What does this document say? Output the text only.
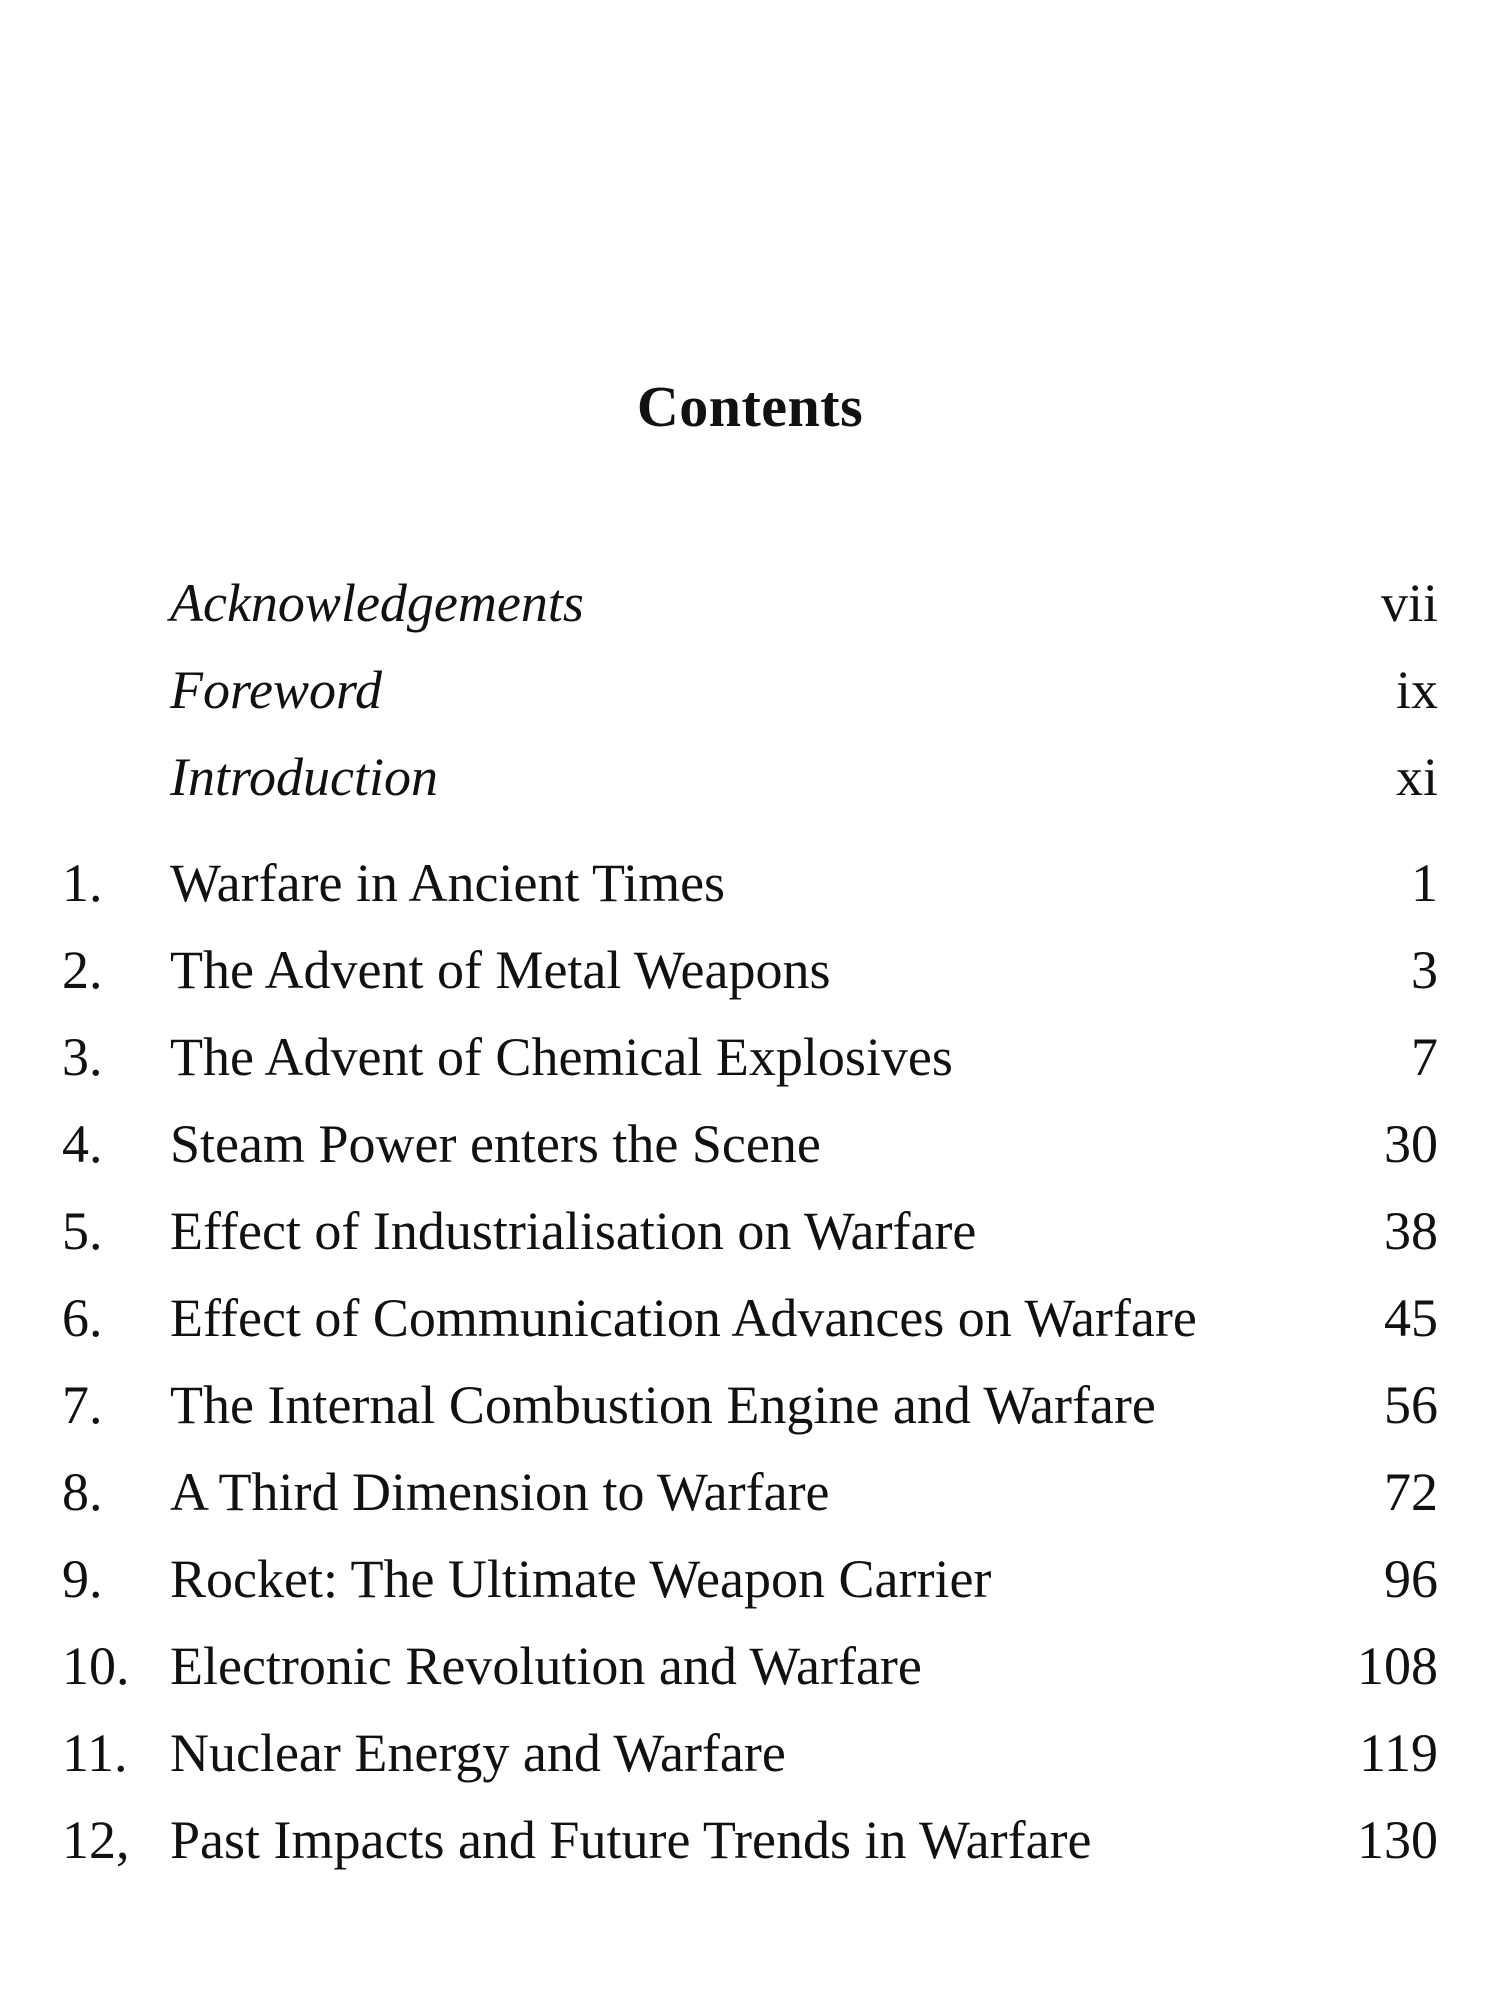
Contents
Acknowledgements	vii
Foreword	ix
Introduction	xi
1.	Warfare in Ancient Times	1
2.	The Advent of Metal Weapons	3
3.	The Advent of Chemical Explosives	7
4.	Steam Power enters the Scene	30
5.	Effect of Industrialisation on Warfare	38
6.	Effect of Communication Advances on Warfare	45
7.	The Internal Combustion Engine and Warfare	56
8.	A Third Dimension to Warfare	72
9.	Rocket: The Ultimate Weapon Carrier	96
10. Electronic Revolution and Warfare	108
11. Nuclear Energy and Warfare	119
12, Past Impacts and Future Trends in Warfare	130
